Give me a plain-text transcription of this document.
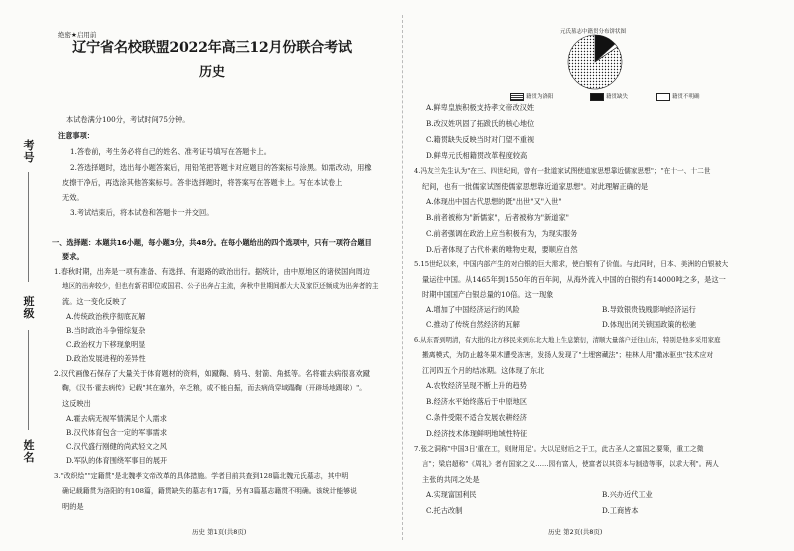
考号
班级
姓名
绝密★启用前
辽宁省名校联盟2022年高三12月份联合考试
历史
本试卷满分100分，考试时间75分钟。
注意事项：
1.答卷前，考生务必将自己的姓名、准考证号填写在答题卡上。
2.答选择题时，选出每小题答案后，用铅笔把答题卡对应题目的答案标号涂黑。如需改动，用橡
皮擦干净后，再选涂其他答案标号。答非选择题时，将答案写在答题卡上。写在本试卷上
无效。
3.考试结束后，将本试卷和答题卡一并交回。
一、选择题：本题共16小题，每小题3分，共48分。在每小题给出的四个选项中，只有一项符合题目
要求。
1.春秋时期，出奔是一项有准备、有选择、有退路的政治出行。据统计，由中原地区的诸侯国向周边
地区的出奔较少，但也有新君即位或国君、公子出奔占主流，奔秋中世期间都大大及家臣还频成为出奔者的主
流。这一变化反映了
A.传统政治秩序彻底瓦解
B.当时政治斗争错综复杂
C.政治权力下移现象明显
D.政治发展进程的差异性
2.汉代画像石保存了大量关于体育题材的资料，如蹴鞠、骑马、射箭、角抵等。名将霍去病很喜欢蹴
鞠，《汉书·霍去病传》记载"其在塞外，卒乏粮，或不能自振，而去病尚穿域蹋鞠（开辟场地踢球）"。
这反映出
A.霍去病无视军情满足个人需求
B.汉代体育包含一定的军事需求
C.汉代盛行刚健的尚武轻文之风
D.军队的体育围绕军事目的展开
3."改织绘""定籍贯"是北魏孝文帝改革的具体措施。学者目前共查到128篇北魏元氏墓志，其中明
确记载籍贯为洛阳的有108篇，籍贯缺失的墓志有17篇，另有3篇墓志籍贯不明确。该统计能够说
明的是
历史 第1页(共8页)
元氏墓志中籍贯分布饼状图
籍贯为洛阳	籍贯缺失	籍贯不明确
A.鲜卑皇族积极支持孝文帝改汉姓
B.改汉姓巩固了拓跋氏的核心地位
C.籍贯缺失反映当时对门望不重视
D.鲜卑元氏相籍贯改革程度较高
4.冯友兰先生认为"在三、四世纪间，曾有一批道家试图使道家思想靠近儒家思想"；"在十一、十二世
纪间，也有一批儒家试图使儒家思想靠近道家思想"。对此理解正确的是
A.体现出中国古代思想的既"出世"又"入世"
B.前者被称为"新儒家"，后者被称为"新道家"
C.前者强调在政治上应当积极有为，为现实服务
D.后者体现了古代朴素的唯物史观，要顺应自然
5.15世纪以来，中国内部产生的对白银的巨大需求，使白银有了价值。与此同时，日本、美洲的白银被大
量运往中国。从1465年到1550年的百年间，从海外流入中国的白银约有14000吨之多，是这一
时期中国国产白银总量的10倍。这一现象
A.增加了中国经济运行的风险	B.导致银贵钱贱影响经济运行
C.推动了传统自然经济的瓦解	D.体现出闭关锁国政策的松驰
6.从东晋到明清，有大批的北方移民来到东北大地上生息繁衍，清顺大量落户迁往山东，特别是他多采用家庭
搬离模式，为防止越冬果木遭受冻害，发扬人发现了"土埋窖藏法"；桂林人用"撒冰驱虫"技术应对
江河四五个月的结冰期。这体现了东北
A.农牧经济呈现不断上升的趋势
B.经济水平始终落后于中原地区
C.条件受限不适合发展农耕经济
D.经济技术体现鲜明地域性特征
7.张之洞称"中国3日'重在工，则财用足'。大以足财后之于工，此古圣人之富国之要策，重工之微
言"；梁启超称"《周礼》者有国家之义……园有富人，使富者以其资本与制造等事，以求大利"。两人
主张的共同之处是
A.实现富国利民	B.兴办近代工业
C.托古改制	D.工商皆本
历史 第2页(共8页)
